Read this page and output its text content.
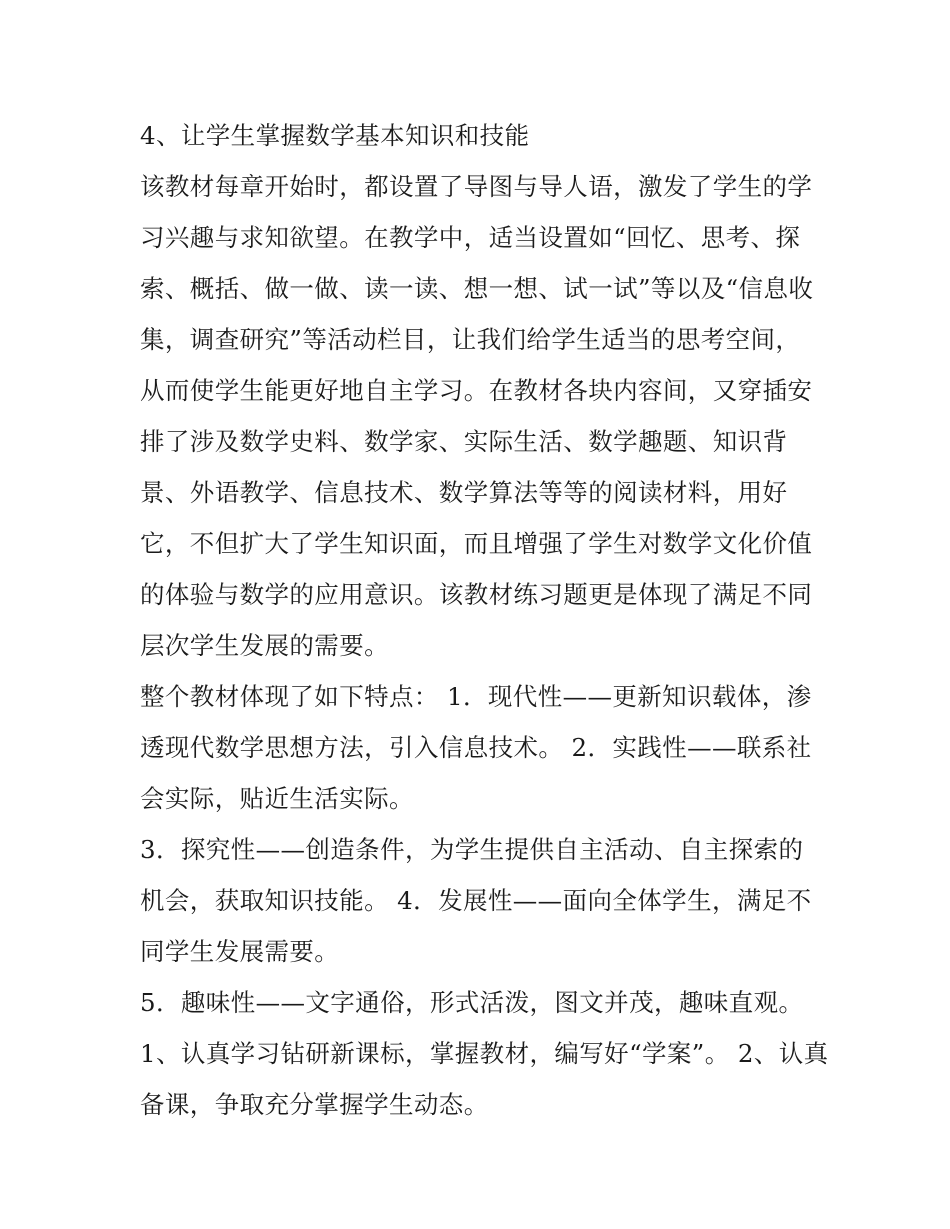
4、让学生掌握数学基本知识和技能
该教材每章开始时，都设置了导图与导人语，激发了学生的学
习兴趣与求知欲望。在教学中，适当设置如“回忆、思考、探
索、概括、做一做、读一读、想一想、试一试”等以及“信息收
集，调查研究”等活动栏目，让我们给学生适当的思考空间，
从而使学生能更好地自主学习。在教材各块内容间，又穿插安
排了涉及数学史料、数学家、实际生活、数学趣题、知识背
景、外语教学、信息技术、数学算法等等的阅读材料，用好
它，不但扩大了学生知识面，而且增强了学生对数学文化价值
的体验与数学的应用意识。该教材练习题更是体现了满足不同
层次学生发展的需要。
整个教材体现了如下特点： 1．现代性——更新知识载体，渗
透现代数学思想方法，引入信息技术。 2．实践性——联系社
会实际，贴近生活实际。
3．探究性——创造条件，为学生提供自主活动、自主探索的
机会，获取知识技能。 4．发展性——面向全体学生，满足不
同学生发展需要。
5．趣味性——文字通俗，形式活泼，图文并茂，趣味直观。
1、认真学习钻研新课标，掌握教材，编写好“学案”。 2、认真
备课，争取充分掌握学生动态。
